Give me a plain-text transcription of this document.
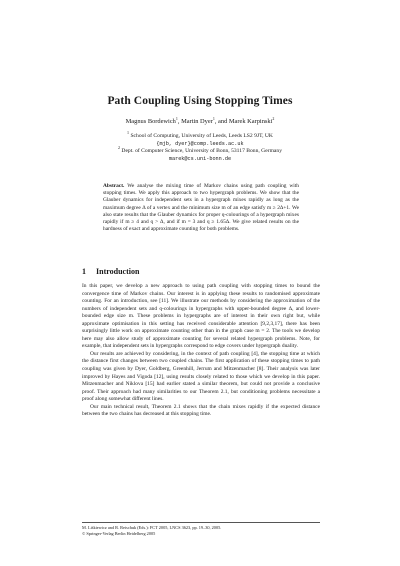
Path Coupling Using Stopping Times
Magnus Bordewich$^1$, Martin Dyer$^1$, and Marek Karpinski$^2$
$^1$ School of Computing, University of Leeds, Leeds LS2 9JT, UK
{mjb, dyer}@comp.leeds.ac.uk
$^2$ Dept. of Computer Science, University of Bonn, 53117 Bonn, Germany
marek@cs.uni-bonn.de
Abstract. We analyse the mixing time of Markov chains using path coupling with stopping times. We apply this approach to two hypergraph problems. We show that the Glauber dynamics for independent sets in a hypergraph mixes rapidly as long as the maximum degree Δ of a vertex and the minimum size m of an edge satisfy m ≥ 2Δ+1. We also state results that the Glauber dynamics for proper q-colourings of a hypergraph mixes rapidly if m ≥ 4 and q > Δ, and if m = 3 and q ≥ 1.65Δ. We give related results on the hardness of exact and approximate counting for both problems.
1 Introduction

In this paper, we develop a new approach to using path coupling with stopping times to bound the convergence time of Markov chains. Our interest is in applying these results to randomised approximate counting. For an introduction, see [11]. We illustrate our methods by considering the approximation of the numbers of independent sets and q-colourings in hypergraphs with upper-bounded degree Δ, and lower-bounded edge size m. These problems in hypergraphs are of interest in their own right but, while approximate optimisation in this setting has received considerable attention [9,2,3,17], there has been surprisingly little work on approximate counting other than in the graph case m = 2. The tools we develop here may also allow study of approximate counting for several related hypergraph problems. Note, for example, that independent sets in hypergraphs correspond to edge covers under hypergraph duality.

Our results are achieved by considering, in the context of path coupling [4], the stopping time at which the distance first changes between two coupled chains. The first application of these stopping times to path coupling was given by Dyer, Goldberg, Greenhill, Jerrum and Mitzenmacher [8]. Their analysis was later improved by Hayes and Vigoda [12], using results closely related to those which we develop in this paper. Mitzenmacher and Niklova [15] had earlier stated a similar theorem, but could not provide a conclusive proof. Their approach had many similarities to our Theorem 2.1, but conditioning problems necessitate a proof along somewhat different lines.

Our main technical result, Theorem 2.1 shows that the chain mixes rapidly if the expected distance between the two chains has decreased at this stopping time.

M. Liśkiewicz and R. Reischuk (Eds.): FCT 2005, LNCS 3623, pp. 19–30, 2005.
© Springer-Verlag Berlin Heidelberg 2005
